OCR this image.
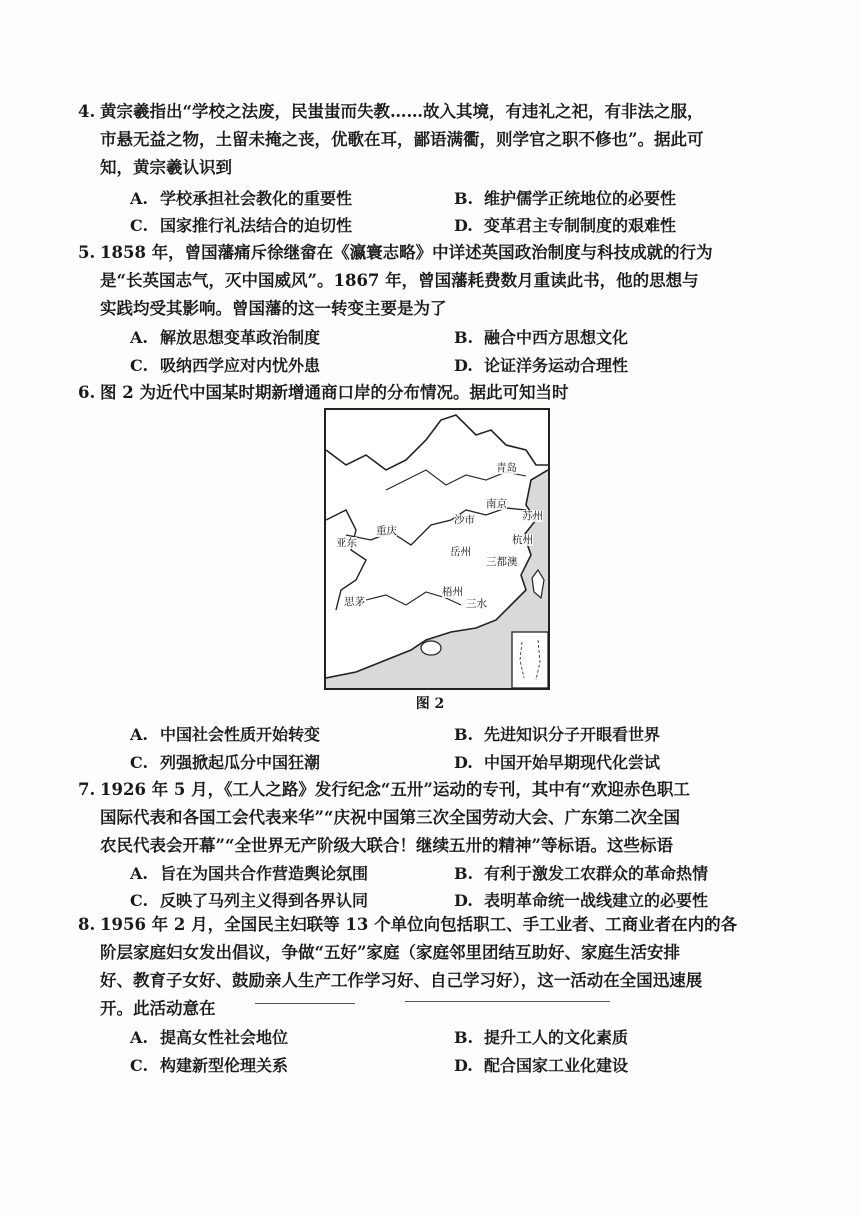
4. 黄宗羲指出“学校之法废，民蚩蚩而失教……故入其境，有违礼之祀，有非法之服，
市悬无益之物，土留未掩之丧，优歌在耳，鄙语满衢，则学官之职不修也”。据此可
知，黄宗羲认识到
A. 学校承担社会教化的重要性	B. 维护儒学正统地位的必要性
C. 国家推行礼法结合的迫切性	D. 变革君主专制制度的艰难性
5. 1858 年，曾国藩痛斥徐继畲在《瀛寰志略》中详述英国政治制度与科技成就的行为
是“长英国志气，灭中国威风”。1867 年，曾国藩耗费数月重读此书，他的思想与
实践均受其影响。曾国藩的这一转变主要是为了
A. 解放思想变革政治制度	B. 融合中西方思想文化
C. 吸纳西学应对内忧外患	D. 论证洋务运动合理性
6. 图 2 为近代中国某时期新增通商口岸的分布情况。据此可知当时
青岛
南京
苏州
沙市
重庆
亚东	杭州
岳州
三都澳
思茅
梧州
三水
图 2
A. 中国社会性质开始转变	B. 先进知识分子开眼看世界
C. 列强掀起瓜分中国狂潮	D. 中国开始早期现代化尝试
7. 1926 年 5 月，《工人之路》发行纪念“五卅”运动的专刊，其中有“欢迎赤色职工
国际代表和各国工会代表来华”“庆祝中国第三次全国劳动大会、广东第二次全国
农民代表会开幕”“全世界无产阶级大联合！继续五卅的精神”等标语。这些标语
A. 旨在为国共合作营造舆论氛围	B. 有利于激发工农群众的革命热情
C. 反映了马列主义得到各界认同	D. 表明革命统一战线建立的必要性
8. 1956 年 2 月，全国民主妇联等 13 个单位向包括职工、手工业者、工商业者在内的各
阶层家庭妇女发出倡议，争做“五好”家庭（家庭邻里团结互助好、家庭生活安排
好、教育子女好、鼓励亲人生产工作学习好、自己学习好），这一活动在全国迅速展
开。此活动意在
A. 提高女性社会地位	B. 提升工人的文化素质
C. 构建新型伦理关系	D. 配合国家工业化建设
